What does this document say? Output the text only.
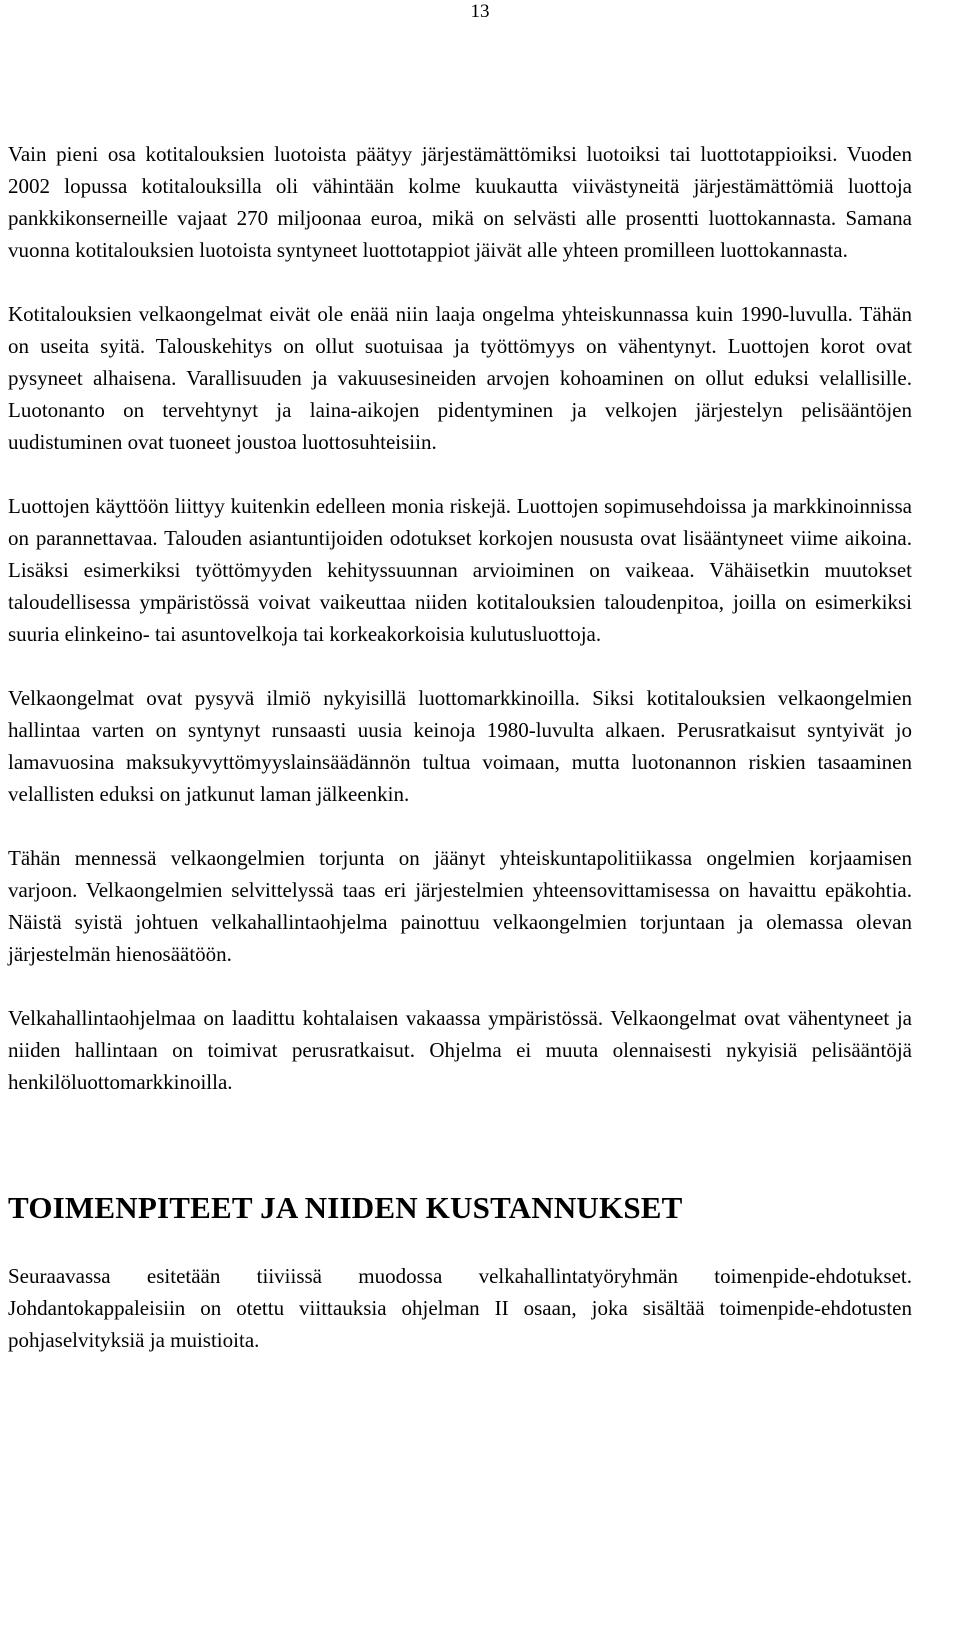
13

Vain pieni osa kotitalouksien luotoista päätyy järjestämättömiksi luotoiksi tai luottotappioiksi. Vuoden 2002 lopussa kotitalouksilla oli vähintään kolme kuukautta viivästyneitä järjestämättömiä luottoja pankkikonserneille vajaat 270 miljoonaa euroa, mikä on selvästi alle prosentti luottokannasta. Samana vuonna kotitalouksien luotoista syntyneet luottotappiot jäivät alle yhteen promilleen luottokannasta.

Kotitalouksien velkaongelmat eivät ole enää niin laaja ongelma yhteiskunnassa kuin 1990-luvulla. Tähän on useita syitä. Talouskehitys on ollut suotuisaa ja työttömyys on vähentynyt. Luottojen korot ovat pysyneet alhaisena. Varallisuuden ja vakuusesineiden arvojen kohoaminen on ollut eduksi velallisille. Luotonanto on tervehtynyt ja laina-aikojen pidentyminen ja velkojen järjestelyn pelisääntöjen uudistuminen ovat tuoneet joustoa luottosuhteisiin.

Luottojen käyttöön liittyy kuitenkin edelleen monia riskejä. Luottojen sopimusehdoissa ja markkinoinnissa on parannettavaa. Talouden asiantuntijoiden odotukset korkojen noususta ovat lisääntyneet viime aikoina. Lisäksi esimerkiksi työttömyyden kehityssuunnan arvioiminen on vaikeaa. Vähäisetkin muutokset taloudellisessa ympäristössä voivat vaikeuttaa niiden kotitalouksien taloudenpitoa, joilla on esimerkiksi suuria elinkeino- tai asuntovelkoja tai korkeakorkoisia kulutusluottoja.

Velkaongelmat ovat pysyvä ilmiö nykyisillä luottomarkkinoilla. Siksi kotitalouksien velkaongelmien hallintaa varten on syntynyt runsaasti uusia keinoja 1980-luvulta alkaen. Perusratkaisut syntyivät jo lamavuosina maksukyvyttömyyslainsäädännön tultua voimaan, mutta luotonannon riskien tasaaminen velallisten eduksi on jatkunut laman jälkeenkin.

Tähän mennessä velkaongelmien torjunta on jäänyt yhteiskuntapolitiikassa ongelmien korjaamisen varjoon. Velkaongelmien selvittelyssä taas eri järjestelmien yhteensovittamisessa on havaittu epäkohtia. Näistä syistä johtuen velkahallintaohjelma painottuu velkaongelmien torjuntaan ja olemassa olevan järjestelmän hienosäätöön.

Velkahallintaohjelmaa on laadittu kohtalaisen vakaassa ympäristössä. Velkaongelmat ovat vähentyneet ja niiden hallintaan on toimivat perusratkaisut. Ohjelma ei muuta olennaisesti nykyisiä pelisääntöjä henkilöluottomarkkinoilla.

TOIMENPITEET JA NIIDEN KUSTANNUKSET

Seuraavassa esitetään tiiviissä muodossa velkahallintatyöryhmän toimenpide-ehdotukset. Johdantokappaleisiin on otettu viittauksia ohjelman II osaan, joka sisältää toimenpide-ehdotusten pohjaselvityksiä ja muistioita.
